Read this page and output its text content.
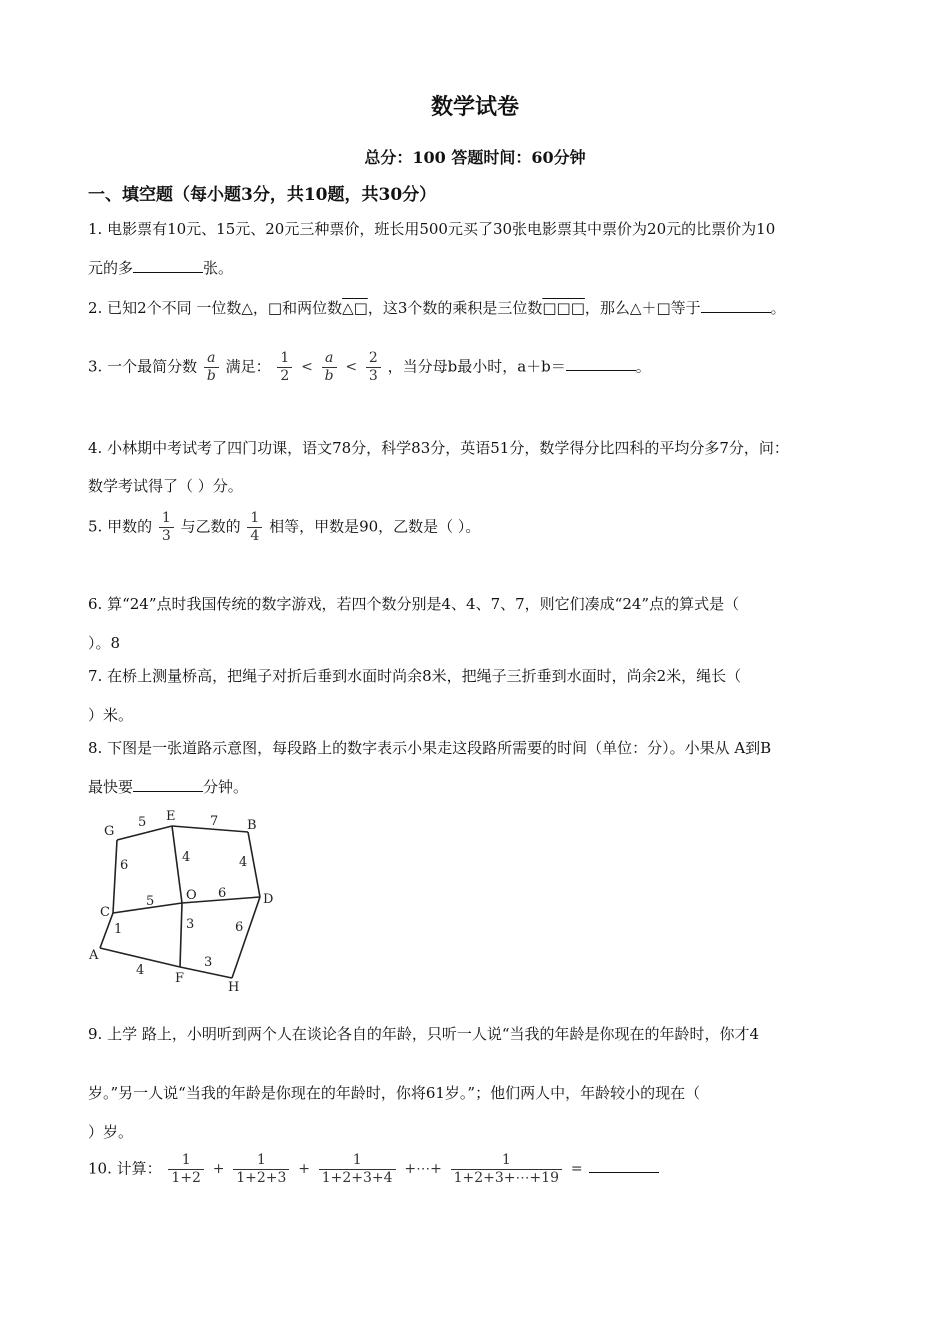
数学试卷
总分：100 答题时间：60分钟
一、填空题（每小题3分，共10题，共30分）
1. 电影票有10元、15元、20元三种票价，班长用500元买了30张电影票其中票价为20元的比票价为10
元的多	张。
2. 已知2个不同 一位数△，□和两位数△□，这3个数的乘积是三位数□□□，那么△＋□等于	。
3. 一个最简分数 $\frac{a}{b}$ 满足： $\frac{1}{2} < \frac{a}{b} < \frac{2}{3}$ ，当分母b最小时，a＋b＝	。
4. 小林期中考试考了四门功课，语文78分，科学83分，英语51分，数学得分比四科的平均分多7分，问：
数学考试得了（ ）分。
5. 甲数的 $\frac{1}{3}$ 与乙数的 $\frac{1}{4}$ 相等，甲数是90，乙数是（ ）。
6. 算“24”点时我国传统的数字游戏，若四个数分别是4、4、7、7，则它们凑成“24”点的算式是（
）。8
7. 在桥上测量桥高，把绳子对折后垂到水面时尚余8米，把绳子三折垂到水面时，尚余2米，绳长（
）米。
8. 下图是一张道路示意图，每段路上的数字表示小果走这段路所需要的时间（单位：分）。小果从 A到B
最快要	分钟。
G
E
B
C
O	D
A
F
H
5	7
6
4	4
5
6
1	3	6
4
3
9. 上学 路上，小明听到两个人在谈论各自的年龄，只听一人说“当我的年龄是你现在的年龄时，你才4
岁。”另一人说“当我的年龄是你现在的年龄时，你将61岁。”；他们两人中，年龄较小的现在（
）岁。
10. 计算： $\frac{1}{1+2} + \frac{1}{1+2+3} + \frac{1}{1+2+3+4}$ +⋯+ $\frac{1}{1+2+3+\cdots+19}$ =
